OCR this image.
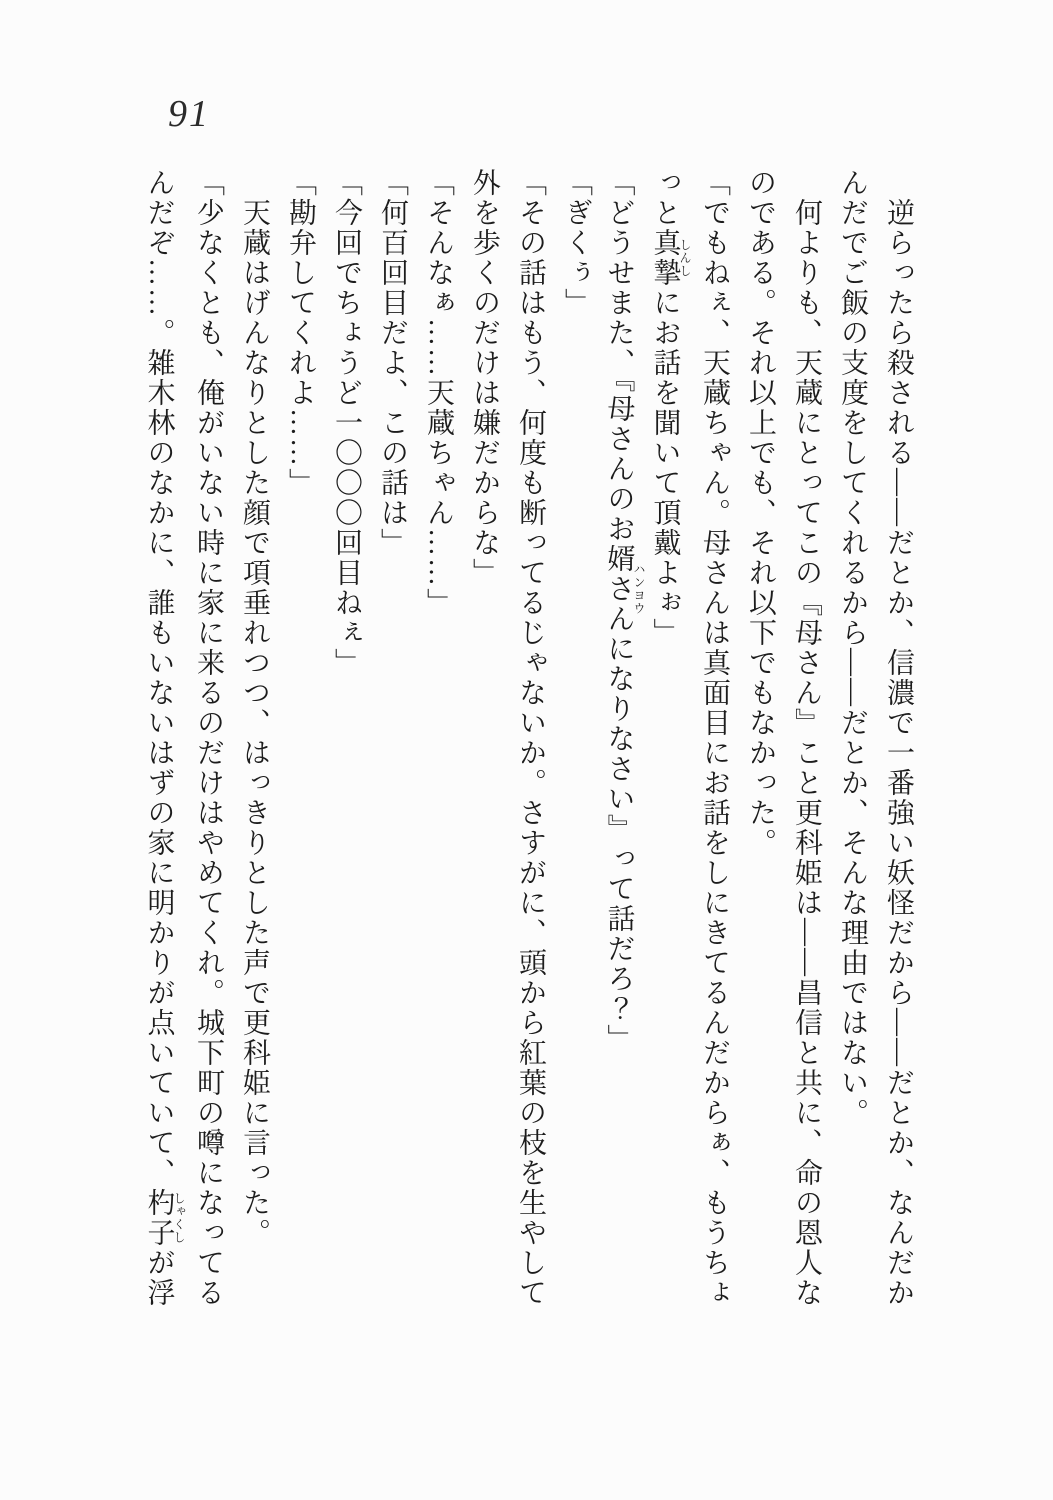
91
逆らったら殺される――だとか、信濃で一番強い妖怪だから――だとか、なんだか
んだでご飯の支度をしてくれるから――だとか、そんな理由ではない。
何よりも、天蔵にとってこの『母さん』こと更科姫は――昌信と共に、命の恩人な
のである。それ以上でも、それ以下でもなかった。
「でもねぇ、天蔵ちゃん。母さんは真面目にお話をしにきてるんだからぁ、もうちょ
っと真摯しんしにお話を聞いて頂戴よぉ」
「どうせまた、『母さんのお婿さんハンヨウになりなさい』って話だろ？」
「ぎくぅ」
「その話はもう、何度も断ってるじゃないか。さすがに、頭から紅葉の枝を生やして
外を歩くのだけは嫌だからな」
「そんなぁ……天蔵ちゃん……」
「何百回目だよ、この話は」
「今回でちょうど一〇〇〇回目ねぇ」
「勘弁してくれよ……」
天蔵はげんなりとした顔で項垂れつつ、はっきりとした声で更科姫に言った。
「少なくとも、俺がいない時に家に来るのだけはやめてくれ。城下町の噂になってる
んだぞ……。雑木林のなかに、誰もいないはずの家に明かりが点いていて、杓子しゃくしが浮
